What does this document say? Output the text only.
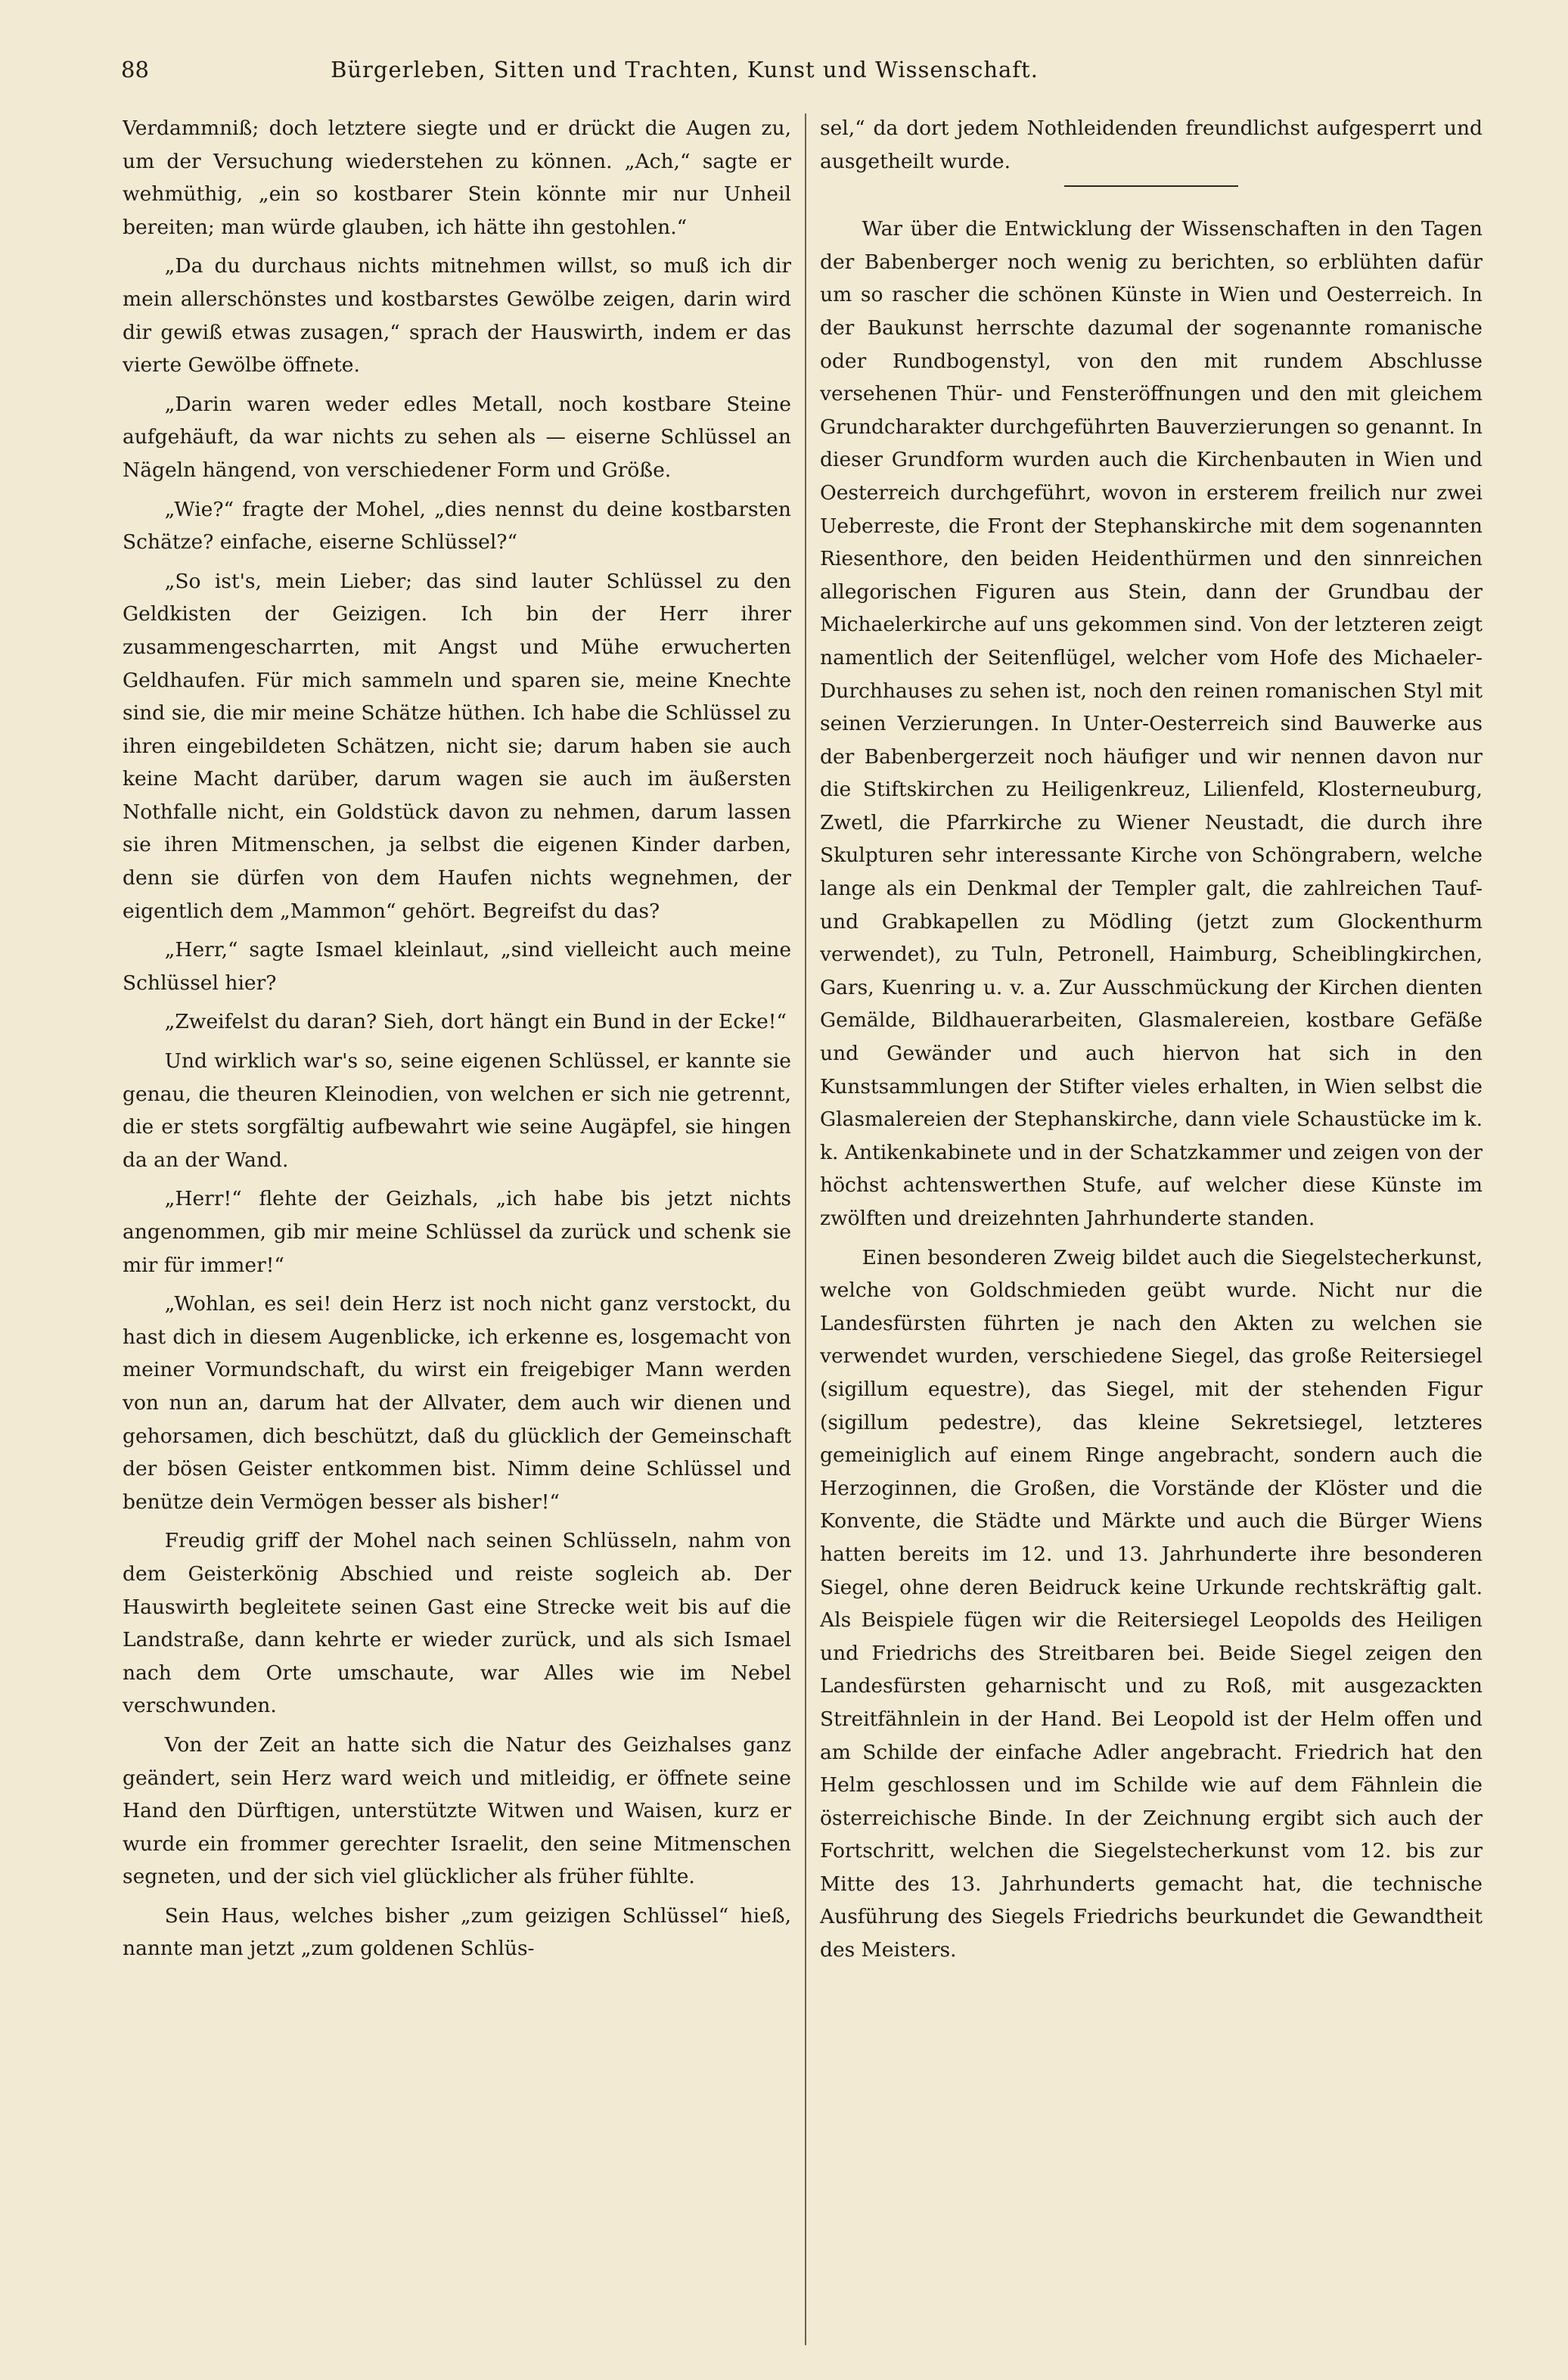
88	Bürgerleben, Sitten und Trachten, Kunst und Wissenschaft.

Verdammniß; doch letztere siegte und er drückt die Augen zu, um der Versuchung wiederstehen zu können. „Ach,“ sagte er wehmüthig, „ein so kostbarer Stein könnte mir nur Unheil bereiten; man würde glauben, ich hätte ihn gestohlen.“

„Da du durchaus nichts mitnehmen willst, so muß ich dir mein allerschönstes und kostbarstes Gewölbe zeigen, darin wird dir gewiß etwas zusagen,“ sprach der Hauswirth, indem er das vierte Gewölbe öffnete.

„Darin waren weder edles Metall, noch kostbare Steine aufgehäuft, da war nichts zu sehen als — eiserne Schlüssel an Nägeln hängend, von verschiedener Form und Größe.

„Wie?“ fragte der Mohel, „dies nennst du deine kostbarsten Schätze? einfache, eiserne Schlüssel?“

„So ist's, mein Lieber; das sind lauter Schlüssel zu den Geldkisten der Geizigen. Ich bin der Herr ihrer zusammengescharrten, mit Angst und Mühe erwucherten Geldhaufen. Für mich sammeln und sparen sie, meine Knechte sind sie, die mir meine Schätze hüthen. Ich habe die Schlüssel zu ihren eingebildeten Schätzen, nicht sie; darum haben sie auch keine Macht darüber, darum wagen sie auch im äußersten Nothfalle nicht, ein Goldstück davon zu nehmen, darum lassen sie ihren Mitmenschen, ja selbst die eigenen Kinder darben, denn sie dürfen von dem Haufen nichts wegnehmen, der eigentlich dem „Mammon“ gehört. Begreifst du das?

„Herr,“ sagte Ismael kleinlaut, „sind vielleicht auch meine Schlüssel hier?

„Zweifelst du daran? Sieh, dort hängt ein Bund in der Ecke!“

Und wirklich war's so, seine eigenen Schlüssel, er kannte sie genau, die theuren Kleinodien, von welchen er sich nie getrennt, die er stets sorgfältig aufbewahrt wie seine Augäpfel, sie hingen da an der Wand.

„Herr!“ flehte der Geizhals, „ich habe bis jetzt nichts angenommen, gib mir meine Schlüssel da zurück und schenk sie mir für immer!“

„Wohlan, es sei! dein Herz ist noch nicht ganz verstockt, du hast dich in diesem Augenblicke, ich erkenne es, losgemacht von meiner Vormundschaft, du wirst ein freigebiger Mann werden von nun an, darum hat der Allvater, dem auch wir dienen und gehorsamen, dich beschützt, daß du glücklich der Gemeinschaft der bösen Geister entkommen bist. Nimm deine Schlüssel und benütze dein Vermögen besser als bisher!“

Freudig griff der Mohel nach seinen Schlüsseln, nahm von dem Geisterkönig Abschied und reiste sogleich ab. Der Hauswirth begleitete seinen Gast eine Strecke weit bis auf die Landstraße, dann kehrte er wieder zurück, und als sich Ismael nach dem Orte umschaute, war Alles wie im Nebel verschwunden.

Von der Zeit an hatte sich die Natur des Geizhalses ganz geändert, sein Herz ward weich und mitleidig, er öffnete seine Hand den Dürftigen, unterstützte Witwen und Waisen, kurz er wurde ein frommer gerechter Israelit, den seine Mitmenschen segneten, und der sich viel glücklicher als früher fühlte.

Sein Haus, welches bisher „zum geizigen Schlüssel“ hieß, nannte man jetzt „zum goldenen Schlüs-

sel,“ da dort jedem Nothleidenden freundlichst aufgesperrt und ausgetheilt wurde.

War über die Entwicklung der Wissenschaften in den Tagen der Babenberger noch wenig zu berichten, so erblühten dafür um so rascher die schönen Künste in Wien und Oesterreich. In der Baukunst herrschte dazumal der sogenannte romanische oder Rundbogenstyl, von den mit rundem Abschlusse versehenen Thür- und Fensteröffnungen und den mit gleichem Grundcharakter durchgeführten Bauverzierungen so genannt. In dieser Grundform wurden auch die Kirchenbauten in Wien und Oesterreich durchgeführt, wovon in ersterem freilich nur zwei Ueberreste, die Front der Stephanskirche mit dem sogenannten Riesenthore, den beiden Heidenthürmen und den sinnreichen allegorischen Figuren aus Stein, dann der Grundbau der Michaelerkirche auf uns gekommen sind. Von der letzteren zeigt namentlich der Seitenflügel, welcher vom Hofe des Michaeler-Durchhauses zu sehen ist, noch den reinen romanischen Styl mit seinen Verzierungen. In Unter-Oesterreich sind Bauwerke aus der Babenbergerzeit noch häufiger und wir nennen davon nur die Stiftskirchen zu Heiligenkreuz, Lilienfeld, Klosterneuburg, Zwetl, die Pfarrkirche zu Wiener Neustadt, die durch ihre Skulpturen sehr interessante Kirche von Schöngrabern, welche lange als ein Denkmal der Templer galt, die zahlreichen Tauf- und Grabkapellen zu Mödling (jetzt zum Glockenthurm verwendet), zu Tuln, Petronell, Haimburg, Scheiblingkirchen, Gars, Kuenring u. v. a. Zur Ausschmückung der Kirchen dienten Gemälde, Bildhauerarbeiten, Glasmalereien, kostbare Gefäße und Gewänder und auch hiervon hat sich in den Kunstsammlungen der Stifter vieles erhalten, in Wien selbst die Glasmalereien der Stephanskirche, dann viele Schaustücke im k. k. Antikenkabinete und in der Schatzkammer und zeigen von der höchst achtenswerthen Stufe, auf welcher diese Künste im zwölften und dreizehnten Jahrhunderte standen.

Einen besonderen Zweig bildet auch die Siegelstecherkunst, welche von Goldschmieden geübt wurde. Nicht nur die Landesfürsten führten je nach den Akten zu welchen sie verwendet wurden, verschiedene Siegel, das große Reitersiegel (sigillum equestre), das Siegel, mit der stehenden Figur (sigillum pedestre), das kleine Sekretsiegel, letzteres gemeiniglich auf einem Ringe angebracht, sondern auch die Herzoginnen, die Großen, die Vorstände der Klöster und die Konvente, die Städte und Märkte und auch die Bürger Wiens hatten bereits im 12. und 13. Jahrhunderte ihre besonderen Siegel, ohne deren Beidruck keine Urkunde rechtskräftig galt. Als Beispiele fügen wir die Reitersiegel Leopolds des Heiligen und Friedrichs des Streitbaren bei. Beide Siegel zeigen den Landesfürsten geharnischt und zu Roß, mit ausgezackten Streitfähnlein in der Hand. Bei Leopold ist der Helm offen und am Schilde der einfache Adler angebracht. Friedrich hat den Helm geschlossen und im Schilde wie auf dem Fähnlein die österreichische Binde. In der Zeichnung ergibt sich auch der Fortschritt, welchen die Siegelstecherkunst vom 12. bis zur Mitte des 13. Jahrhunderts gemacht hat, die technische Ausführung des Siegels Friedrichs beurkundet die Gewandtheit des Meisters.
